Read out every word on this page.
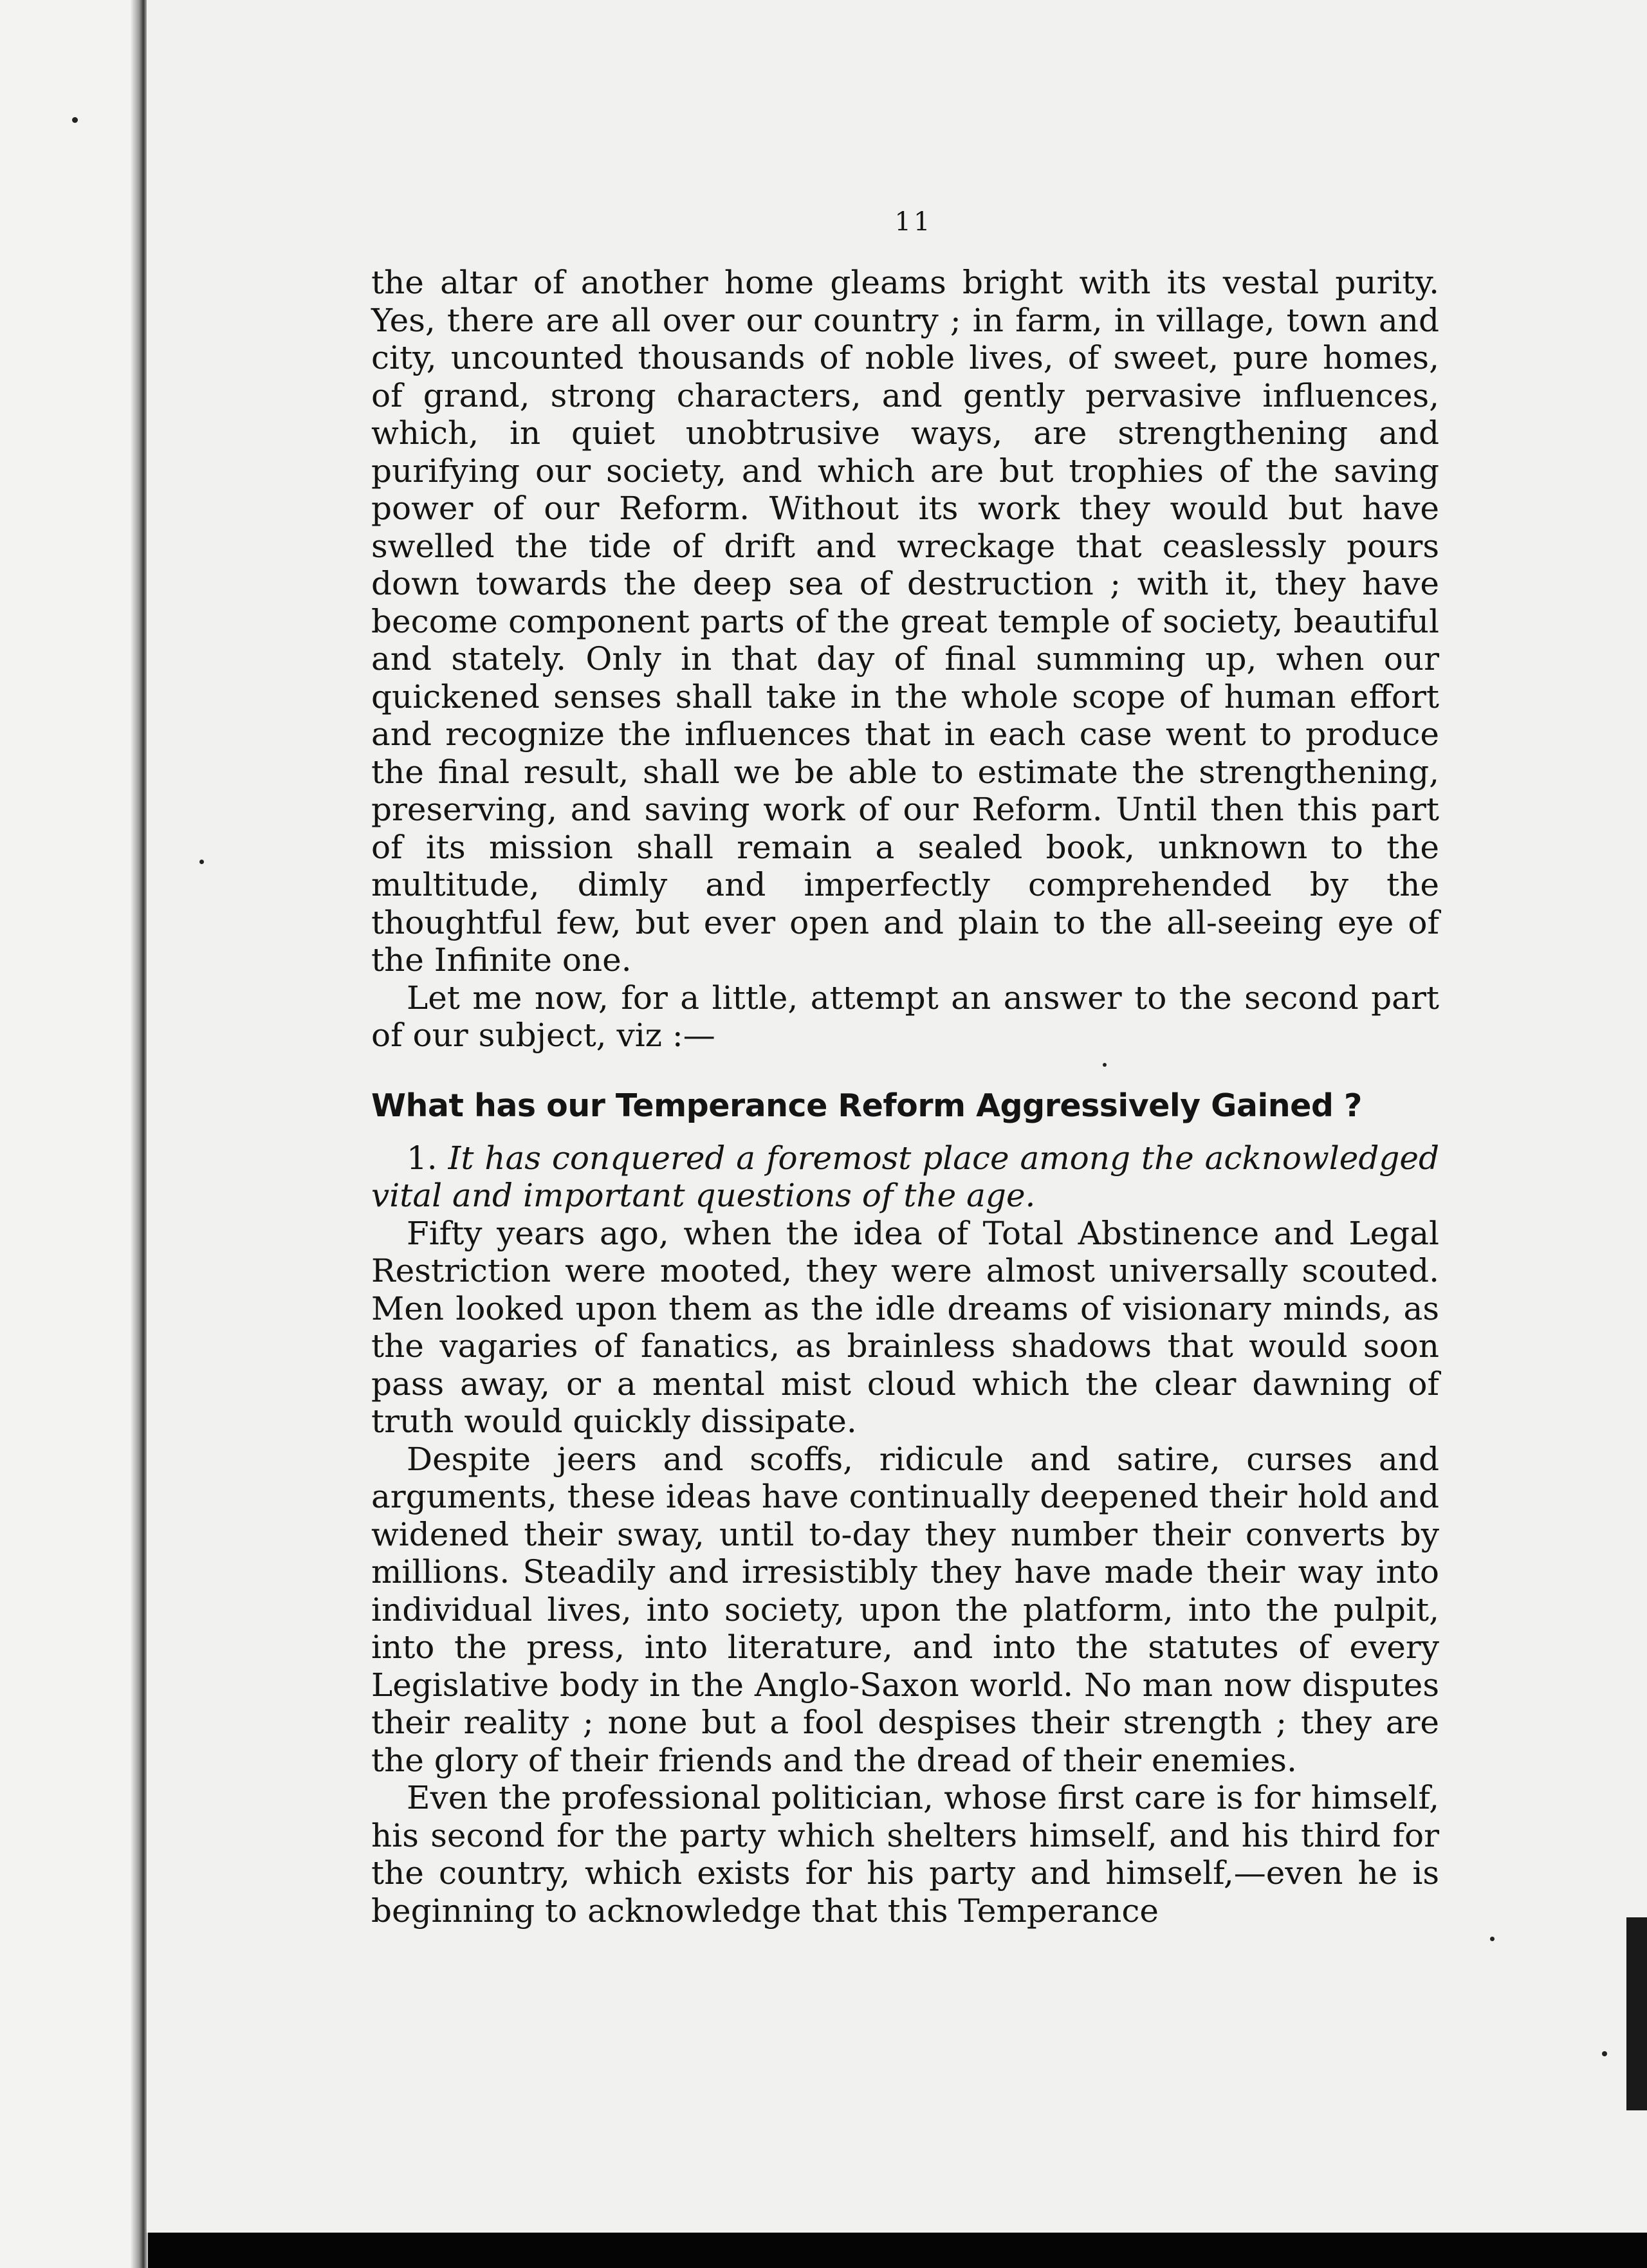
11

the altar of another home gleams bright with its vestal purity. Yes, there are all over our country ; in farm, in village, town and city, uncounted thousands of noble lives, of sweet, pure homes, of grand, strong characters, and gently pervasive influences, which, in quiet unobtrusive ways, are strengthening and purifying our society, and which are but trophies of the saving power of our Reform. Without its work they would but have swelled the tide of drift and wreckage that ceaslessly pours down towards the deep sea of destruction ; with it, they have become component parts of the great temple of society, beautiful and stately. Only in that day of final summing up, when our quickened senses shall take in the whole scope of human effort and recognize the influences that in each case went to produce the final result, shall we be able to estimate the strengthening, preserving, and saving work of our Reform. Until then this part of its mission shall remain a sealed book, unknown to the multitude, dimly and imperfectly comprehended by the thoughtful few, but ever open and plain to the all-seeing eye of the Infinite one.

Let me now, for a little, attempt an answer to the second part of our subject, viz :—

What has our Temperance Reform Aggressively Gained ?

1. It has conquered a foremost place among the acknowledged vital and important questions of the age.

Fifty years ago, when the idea of Total Abstinence and Legal Restriction were mooted, they were almost universally scouted. Men looked upon them as the idle dreams of visionary minds, as the vagaries of fanatics, as brainless shadows that would soon pass away, or a mental mist cloud which the clear dawning of truth would quickly dissipate.

Despite jeers and scoffs, ridicule and satire, curses and arguments, these ideas have continually deepened their hold and widened their sway, until to-day they number their converts by millions. Steadily and irresistibly they have made their way into individual lives, into society, upon the platform, into the pulpit, into the press, into literature, and into the statutes of every Legislative body in the Anglo-Saxon world. No man now disputes their reality ; none but a fool despises their strength ; they are the glory of their friends and the dread of their enemies.

Even the professional politician, whose first care is for himself, his second for the party which shelters himself, and his third for the country, which exists for his party and himself,—even he is beginning to acknowledge that this Temperance
